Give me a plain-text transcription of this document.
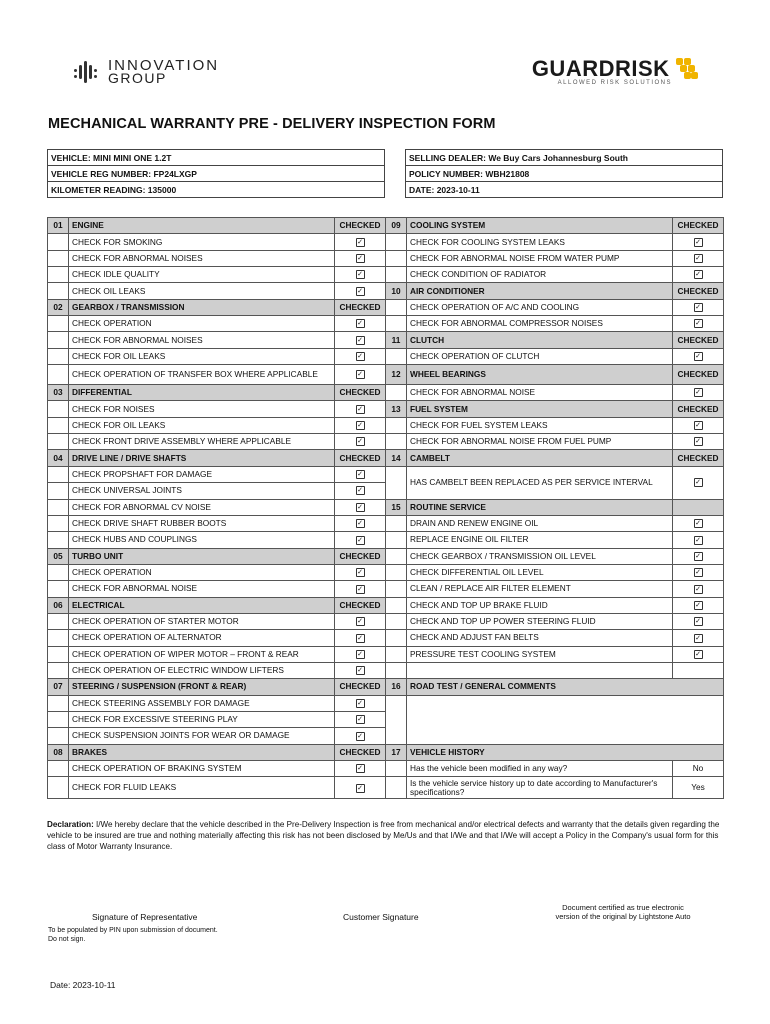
INNOVATION
GROUP	GUARDRISK
ALLOWED RISK SOLUTIONS
MECHANICAL WARRANTY PRE - DELIVERY INSPECTION FORM
VEHICLE: MINI MINI ONE 1.2T
VEHICLE REG NUMBER: FP24LXGP
KILOMETER READING: 135000
SELLING DEALER: We Buy Cars Johannesburg South
POLICY NUMBER: WBH21808
DATE: 2023-10-11
01	ENGINE	CHECKED	09	COOLING SYSTEM	CHECKED
	CHECK FOR SMOKING	✓		CHECK FOR COOLING SYSTEM LEAKS	✓
	CHECK FOR ABNORMAL NOISES	✓		CHECK FOR ABNORMAL NOISE FROM WATER PUMP	✓
	CHECK IDLE QUALITY	✓		CHECK CONDITION OF RADIATOR	✓
	CHECK OIL LEAKS	✓	10	AIR CONDITIONER	CHECKED
02	GEARBOX / TRANSMISSION	CHECKED		CHECK OPERATION OF A/C AND COOLING	✓
	CHECK OPERATION	✓		CHECK FOR ABNORMAL COMPRESSOR NOISES	✓
	CHECK FOR ABNORMAL NOISES	✓	11	CLUTCH	CHECKED
	CHECK FOR OIL LEAKS	✓		CHECK OPERATION OF CLUTCH	✓
	CHECK OPERATION OF TRANSFER BOX WHERE APPLICABLE	✓	12	WHEEL BEARINGS	CHECKED
03	DIFFERENTIAL	CHECKED		CHECK FOR ABNORMAL NOISE	✓
	CHECK FOR NOISES	✓	13	FUEL SYSTEM	CHECKED
	CHECK FOR OIL LEAKS	✓		CHECK FOR FUEL SYSTEM LEAKS	✓
	CHECK FRONT DRIVE ASSEMBLY WHERE APPLICABLE	✓		CHECK FOR ABNORMAL NOISE FROM FUEL PUMP	✓
04	DRIVE LINE / DRIVE SHAFTS	CHECKED	14	CAMBELT	CHECKED
	CHECK PROPSHAFT FOR DAMAGE	✓		HAS CAMBELT BEEN REPLACED AS PER SERVICE INTERVAL	✓
	CHECK UNIVERSAL JOINTS	✓
	CHECK FOR ABNORMAL CV NOISE	✓	15	ROUTINE SERVICE	
	CHECK DRIVE SHAFT RUBBER BOOTS	✓		DRAIN AND RENEW ENGINE OIL	✓
	CHECK HUBS AND COUPLINGS	✓		REPLACE ENGINE OIL FILTER	✓
05	TURBO UNIT	CHECKED		CHECK GEARBOX / TRANSMISSION OIL LEVEL	✓
	CHECK OPERATION	✓		CHECK DIFFERENTIAL OIL LEVEL	✓
	CHECK FOR ABNORMAL NOISE	✓		CLEAN / REPLACE AIR FILTER ELEMENT	✓
06	ELECTRICAL	CHECKED		CHECK AND TOP UP BRAKE FLUID	✓
	CHECK OPERATION OF STARTER MOTOR	✓		CHECK AND TOP UP POWER STEERING FLUID	✓
	CHECK OPERATION OF ALTERNATOR	✓		CHECK AND ADJUST FAN BELTS	✓
	CHECK OPERATION OF WIPER MOTOR – FRONT & REAR	✓		PRESSURE TEST COOLING SYSTEM	✓
	CHECK OPERATION OF ELECTRIC WINDOW LIFTERS	✓			
07	STEERING / SUSPENSION (FRONT & REAR)	CHECKED	16	ROAD TEST / GENERAL COMMENTS	
	CHECK STEERING ASSEMBLY FOR DAMAGE	✓		
	CHECK FOR EXCESSIVE STEERING PLAY	✓
	CHECK SUSPENSION JOINTS FOR WEAR OR DAMAGE	✓
08	BRAKES	CHECKED	17	VEHICLE HISTORY	
	CHECK OPERATION OF BRAKING SYSTEM	✓		Has the vehicle been modified in any way?	No
	CHECK FOR FLUID LEAKS	✓		Is the vehicle service history up to date according to Manufacturer's specifications?	Yes
Declaration: I/We hereby declare that the vehicle described in the Pre-Delivery Inspection is free from mechanical and/or electrical defects and warranty that the details given regarding the vehicle to be insured are true and nothing materially affecting this risk has not been disclosed by Me/Us and that I/We and that I/We will accept a Policy in the Company's usual form for this class of Motor Warranty Insurance.
Signature of Representative	Customer Signature
Document certified as true electronic
version of the original by Lightstone Auto
To be populated by PIN upon submission of document.
Do not sign.
Date: 2023-10-11
